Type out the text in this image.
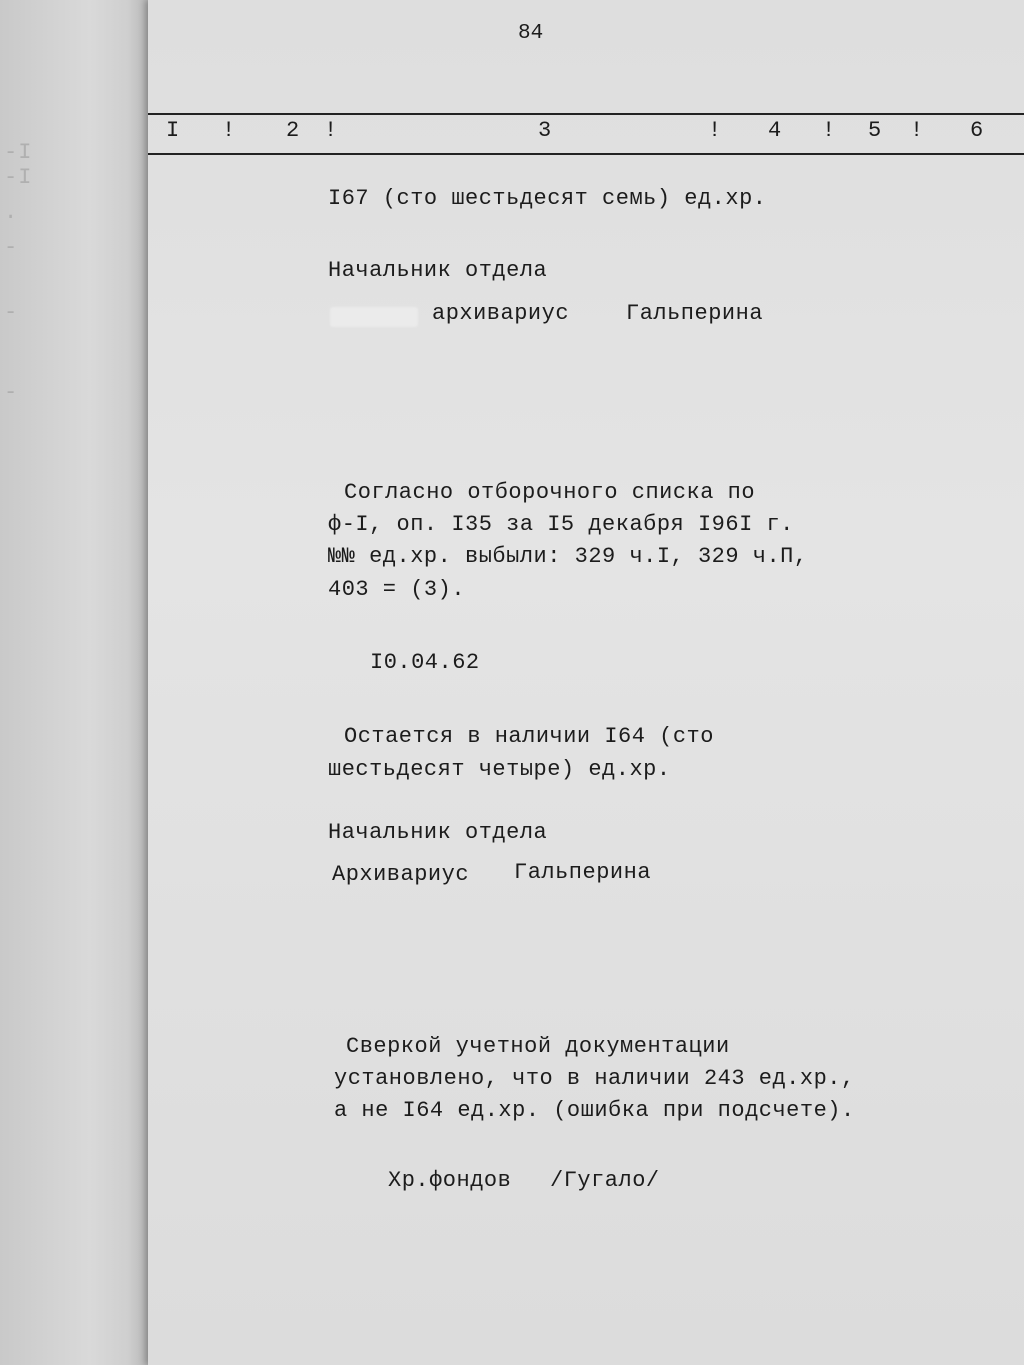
-I
-I
.
-
-
-
84
I ! 2 !	3	! 4 ! 5 ! 6
I67 (сто шестьдесят семь) ед.хр.
Начальник отдела
архивариус	Гальперина
Согласно отборочного списка по
ф-I, оп. I35 за I5 декабря I96I г.
№№ ед.хр. выбыли: 329 ч.I, 329 ч.П,
403 = (3).
I0.04.62
Остается в наличии I64 (сто
шестьдесят четыре) ед.хр.
Начальник отдела
Архивариус Гальперина
Сверкой учетной документации
установлено, что в наличии 243 ед.хр.,
а не I64 ед.хр. (ошибка при подсчете).
Хр.фондов /Гугало/
